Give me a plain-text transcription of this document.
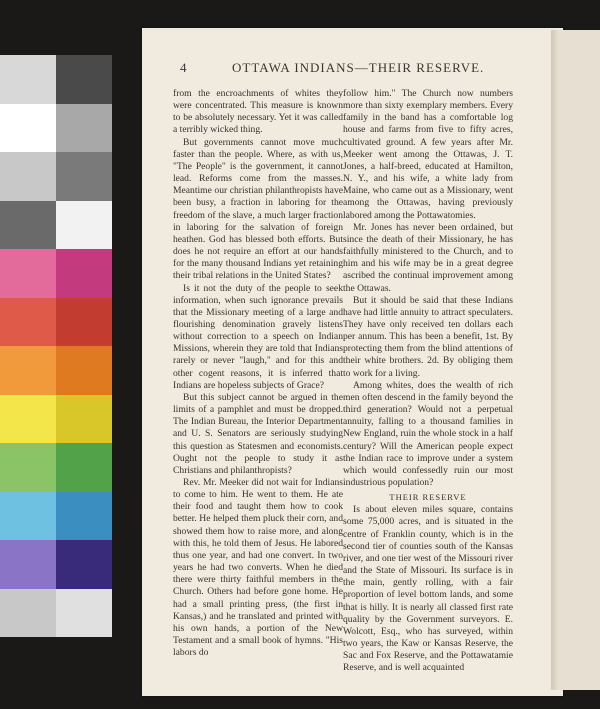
4	OTTAWA INDIANS—THEIR RESERVE.

from the encroachments of whites they were concentrated. This measure is known to be absolutely necessary. Yet it was called a terribly wicked thing.

But governments cannot move much faster than the people. Where, as with us, "The People" is the government, it cannot lead. Reforms come from the masses. Meantime our christian philanthropists have been busy, a fraction in laboring for the freedom of the slave, a much larger fraction in laboring for the salvation of foreign heathen. God has blessed both efforts. But does he not require an effort at our hands for the many thousand Indians yet retaining their tribal relations in the United States?

Is it not the duty of the people to seek information, when such ignorance prevails that the Missionary meeting of a large and flourishing denomination gravely listens without correction to a speech on Indian Missions, wherein they are told that Indians rarely or never "laugh," and for this and other cogent reasons, it is inferred that Indians are hopeless subjects of Grace?

But this subject cannot be argued in the limits of a pamphlet and must be dropped. The Indian Bureau, the Interior Department and U. S. Senators are seriously studying this question as Statesmen and economists. Ought not the people to study it as Christians and philanthropists?

Rev. Mr. Meeker did not wait for Indians to come to him. He went to them. He ate their food and taught them how to cook better. He helped them pluck their corn, and showed them how to raise more, and along with this, he told them of Jesus. He labored thus one year, and had one convert. In two years he had two converts. When he died there were thirty faithful members in the Church. Others had before gone home. He had a small printing press, (the first in Kansas,) and he translated and printed with his own hands, a portion of the New Testament and a small book of hymns. "His labors do

follow him." The Church now numbers more than sixty exemplary members. Every family in the band has a comfortable log house and farms from five to fifty acres, cultivated ground. A few years after Mr. Meeker went among the Ottawas, J. T. Jones, a half-breed, educated at Hamilton, N. Y., and his wife, a white lady from Maine, who came out as a Missionary, went among the Ottawas, having previously labored among the Pottawatomies.

Mr. Jones has never been ordained, but since the death of their Missionary, he has faithfully ministered to the Church, and to him and his wife may be in a great degree ascribed the continual improvement among the Ottawas.

But it should be said that these Indians have had little annuity to attract speculaters. They have only received ten dollars each per annum. This has been a benefit, 1st. By protecting them from the blind attentions of their white brothers. 2d. By obliging them to work for a living.

Among whites, does the wealth of rich men often descend in the family beyond the third generation? Would not a perpetual annuity, falling to a thousand families in New England, ruin the whole stock in a half century? Will the American people expect the Indian race to improve under a system which would confessedly ruin our most industrious population?

THEIR RESERVE

Is about eleven miles square, contains some 75,000 acres, and is situated in the centre of Franklin county, which is in the second tier of counties south of the Kansas river, and one tier west of the Missouri river and the State of Missouri. Its surface is in the main, gently rolling, with a fair proportion of level bottom lands, and some that is hilly. It is nearly all classed first rate quality by the Government surveyors. E. Wolcott, Esq., who has surveyed, within two years, the Kaw or Kansas Reserve, the Sac and Fox Reserve, and the Pottawatamie Reserve, and is well acquainted
